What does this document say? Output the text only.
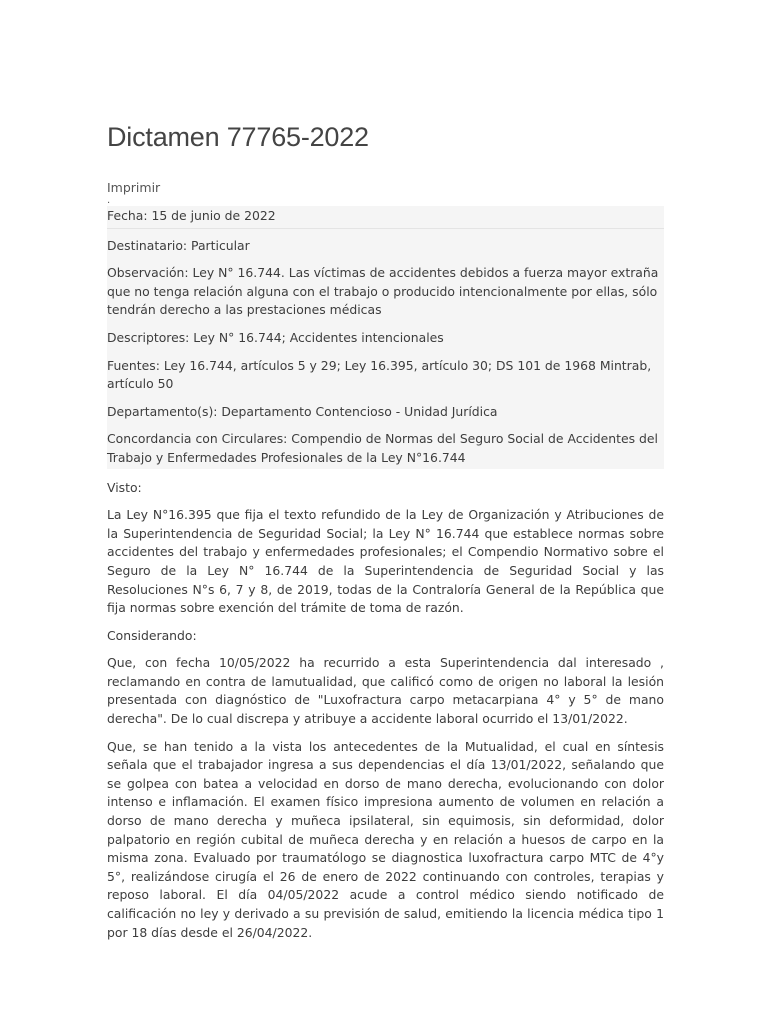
Dictamen 77765-2022
Imprimir
.
Fecha: 15 de junio de 2022
Destinatario: Particular
Observación: Ley N° 16.744. Las víctimas de accidentes debidos a fuerza mayor extraña que no tenga relación alguna con el trabajo o producido intencionalmente por ellas, sólo tendrán derecho a las prestaciones médicas
Descriptores: Ley N° 16.744; Accidentes intencionales
Fuentes: Ley 16.744, artículos 5 y 29; Ley 16.395, artículo 30; DS 101 de 1968 Mintrab, artículo 50
Departamento(s): Departamento Contencioso - Unidad Jurídica
Concordancia con Circulares: Compendio de Normas del Seguro Social de Accidentes del Trabajo y Enfermedades Profesionales de la Ley N°16.744

Visto:

La Ley N°16.395 que fija el texto refundido de la Ley de Organización y Atribuciones de la Superintendencia de Seguridad Social; la Ley N° 16.744 que establece normas sobre accidentes del trabajo y enfermedades profesionales; el Compendio Normativo sobre el Seguro de la Ley N° 16.744 de la Superintendencia de Seguridad Social y las Resoluciones N°s 6, 7 y 8, de 2019, todas de la Contraloría General de la República que fija normas sobre exención del trámite de toma de razón.

Considerando:

Que, con fecha 10/05/2022 ha recurrido a esta Superintendencia dal interesado , reclamando en contra de lamutualidad, que calificó como de origen no laboral la lesión presentada con diagnóstico de "Luxofractura carpo metacarpiana 4° y 5° de mano derecha". De lo cual discrepa y atribuye a accidente laboral ocurrido el 13/01/2022.

Que, se han tenido a la vista los antecedentes de la Mutualidad, el cual en síntesis señala que el trabajador ingresa a sus dependencias el día 13/01/2022, señalando que se golpea con batea a velocidad en dorso de mano derecha, evolucionando con dolor intenso e inflamación. El examen físico impresiona aumento de volumen en relación a dorso de mano derecha y muñeca ipsilateral, sin equimosis, sin deformidad, dolor palpatorio en región cubital de muñeca derecha y en relación a huesos de carpo en la misma zona. Evaluado por traumatólogo se diagnostica luxofractura carpo MTC de 4°y 5°, realizándose cirugía el 26 de enero de 2022 continuando con controles, terapias y reposo laboral. El día 04/05/2022 acude a control médico siendo notificado de calificación no ley y derivado a su previsión de salud, emitiendo la licencia médica tipo 1 por 18 días desde el 26/04/2022.
